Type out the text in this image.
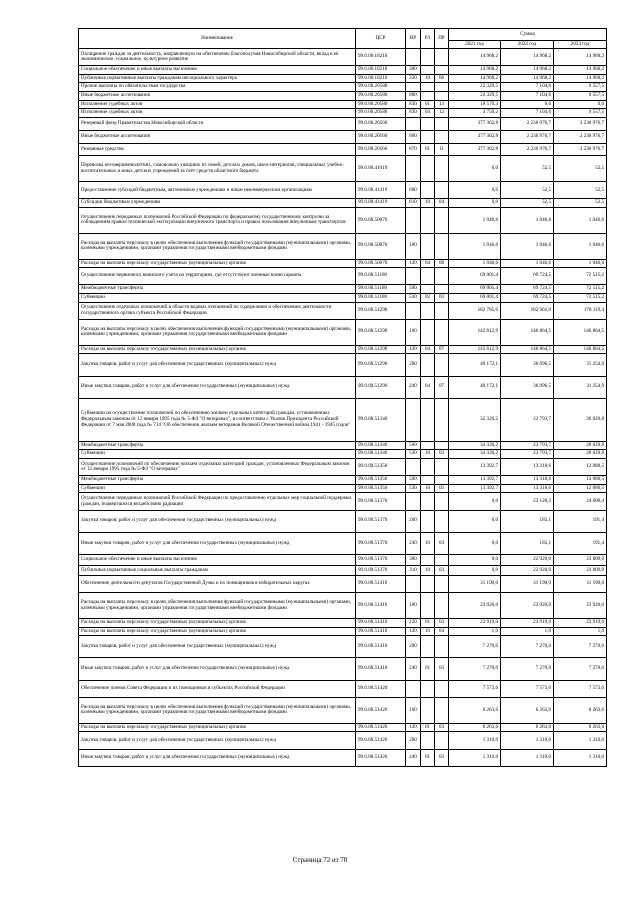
Наименование	ЦСР	ВР	РЗ	ПР	Сумма		
					2021 год	2022 год	2023 год
Поощрение граждан за деятельность, направленную на обеспечение благополучия Новосибирской области, вклад в её экономическое, социальное, культурное развитие	99.0.00.18210				14 968,2	14 968,2	14 968,2
Социальное обеспечение и иные выплаты населению	99.0.00.18210	300			14 968,2	14 968,2	14 968,2
Публичные нормативные выплаты гражданам несоциального характера	99.0.00.18210	330	10	06	14 968,2	14 968,2	14 968,2
Прочие выплаты по обязательствам государства	99.0.00.20580				22 329,5	7 104,6	9 557,5
Иные бюджетные ассигнования	99.0.00.20580	800			22 329,5	7 104,6	9 557,5
Исполнение судебных актов	99.0.00.20580	830	01	13	18 570,3	0,0	0,0
Исполнение судебных актов	99.0.00.20580	830	04	12	3 759,2	7 104,6	9 557,5
Резервный фонд Правительства Новосибирской области	99.0.00.20560				377 362,8	2 236 976,7	2 236 976,7
Иные бюджетные ассигнования	99.0.00.20560	800			377 362,8	2 236 976,7	2 236 976,7
Резервные средства	99.0.00.20560	870	01	11	377 362,8	2 236 976,7	2 236 976,7
Перевозка несовершеннолетних, самовольно ушедших из семей, детских домов, школ-интернатов, специальных учебно-воспитательных и иных детских учреждений за счет средств областного бюджета	99.0.00.41019				0,0	52,5	52,5
Предоставление субсидий бюджетным, автономным учреждениям и иным некоммерческим организациям	99.0.00.41419	600			0,0	52,5	52,5
Субсидии бюджетным учреждениям	99.0.00.41419	610	10	04	0,0	52,5	52,5
Осуществление переданных полномочий Российской Федерации по федеральному государственному контролю за соблюдением правил технической эксплуатации внеуличного транспорта и правил пользования внеуличным транспортом	99.0.00.50670				1 046,6	1 046,6	1 046,6
Расходы на выплаты персоналу в целях обеспечения выполнения функций государственными (муниципальными) органами, казенными учреждениями, органами управления государственными внебюджетными фондами	99.0.00.50670	100			1 046,6	1 046,6	1 046,6
Расходы на выплаты персоналу государственных (муниципальных) органов	99.0.00.50670	120	04	08	1 046,6	1 046,6	1 046,6
Осуществление первичного воинского учета на территориях, где отсутствуют военные комиссариаты	99.0.00.51180				69 001,4	69 724,5	72 515,2
Межбюджетные трансферты	99.0.00.51180	500			69 001,4	69 724,5	72 515,2
Субвенции	99.0.00.51180	530	02	03	69 001,4	69 724,5	72 515,2
Осуществление отдельных полномочий в области водных отношений по содержанию и обеспечению деятельности государственного органа субъекта Российской Федерации	99.0.00.51290				182 785,0	182 961,0	178 119,4
Расходы на выплаты персоналу в целях обеспечения выполнения функций государственными (муниципальными) органами, казенными учреждениями, органами управления государственными внебюджетными фондами	99.0.00.51290	100			142 612,9	146 864,5	146 864,5
Расходы на выплаты персоналу государственных (муниципальных) органов	99.0.00.51290	120	04	07	142 612,9	146 864,5	146 864,5
Закупка товаров, работ и услуг для обеспечения государственных (муниципальных) нужд	99.0.00.51290	200			40 172,1	36 096,5	31 254,9
Иные закупки товаров, работ и услуг для обеспечения государственных (муниципальных) нужд	99.0.00.51290	240	04	07	40 172,1	36 096,5	31 254,9
Субвенции на осуществление полномочий по обеспечению жильем отдельных категорий граждан, установленных Федеральным законом от 12 января 1995 года № 5-ФЗ "О ветеранах", в соответствии с Указом Президента Российской Федерации от 7 мая 2008 года № 714 "Об обеспечении жильем ветеранов Великой Отечественной войны 1941 - 1945 годов"	99.0.00.51340				32 326,2	23 793,7	20 020,8
Межбюджетные трансферты	99.0.00.51340	500			32 326,2	23 793,7	20 020,8
Субвенции	99.0.00.51340	530	10	03	32 326,2	23 793,7	20 020,8
Осуществление полномочий по обеспечению жильем отдельных категорий граждан, установленных Федеральным законом от 12 января 1995 года № 5-ФЗ "О ветеранах"	99.0.00.51350				13 392,7	13 318,6	12 080,5
Межбюджетные трансферты	99.0.00.51350	500			13 392,7	13 318,6	12 080,5
Субвенции	99.0.00.51350	530	10	03	13 392,7	13 318,6	12 080,5
Осуществление переданных полномочий Российской Федерации по предоставлению отдельных мер социальной поддержки граждан, подвергшихся воздействию радиации	99.0.00.51370				0,0	23 128,3	24 000,4
Закупка товаров, работ и услуг для обеспечения государственных (муниципальных) нужд	99.0.00.51370	200			0,0	185,1	191,4
Иные закупки товаров, работ и услуг для обеспечения государственных (муниципальных) нужд	99.0.00.51370	240	10	03	0,0	185,1	191,4
Социальное обеспечение и иные выплаты населению	99.0.00.51370	300			0,0	22 920,0	23 809,0
Публичные нормативные социальные выплаты гражданам	99.0.00.51370	310	10	03	0,0	22 920,0	23 809,0
Обеспечение деятельности депутатов Государственной Думы и их помощников в избирательных округах	99.0.00.51410				31 190,0	31 190,0	31 190,0
Расходы на выплаты персоналу в целях обеспечения выполнения функций государственными (муниципальными) органами, казенными учреждениями, органами управления государственными внебюджетными фондами	99.0.00.51410	100			23 920,0	23 920,0	23 920,0
Расходы на выплаты персоналу государственных (муниципальных) органов	99.0.00.51410	120	01	03	23 919,0	23 919,0	23 919,0
Расходы на выплаты персоналу государственных (муниципальных) органов	99.0.00.51410	120	10	04	1,0	1,0	1,0
Закупка товаров, работ и услуг для обеспечения государственных (муниципальных) нужд	99.0.00.51410	200			7 270,0	7 270,0	7 270,0
Иные закупки товаров, работ и услуг для обеспечения государственных (муниципальных) нужд	99.0.00.51410	240	01	03	7 270,0	7 270,0	7 270,0
Обеспечение членов Совета Федерации и их помощников в субъектах Российской Федерации	99.0.00.51420				7 573,6	7 573,6	7 573,6
Расходы на выплаты персоналу в целях обеспечения выполнения функций государственными (муниципальными) органами, казенными учреждениями, органами управления государственными внебюджетными фондами	99.0.00.51420	100			6 263,6	6 263,6	6 263,6
Расходы на выплаты персоналу государственных (муниципальных) органов	99.0.00.51420	120	01	03	6 263,6	6 263,6	6 263,6
Закупка товаров, работ и услуг для обеспечения государственных (муниципальных) нужд	99.0.00.51420	200			1 310,0	1 310,0	1 310,0
Иные закупки товаров, работ и услуг для обеспечения государственных (муниципальных) нужд	99.0.00.51420	240	01	03	1 310,0	1 310,0	1 310,0
Страница 72 из 78
